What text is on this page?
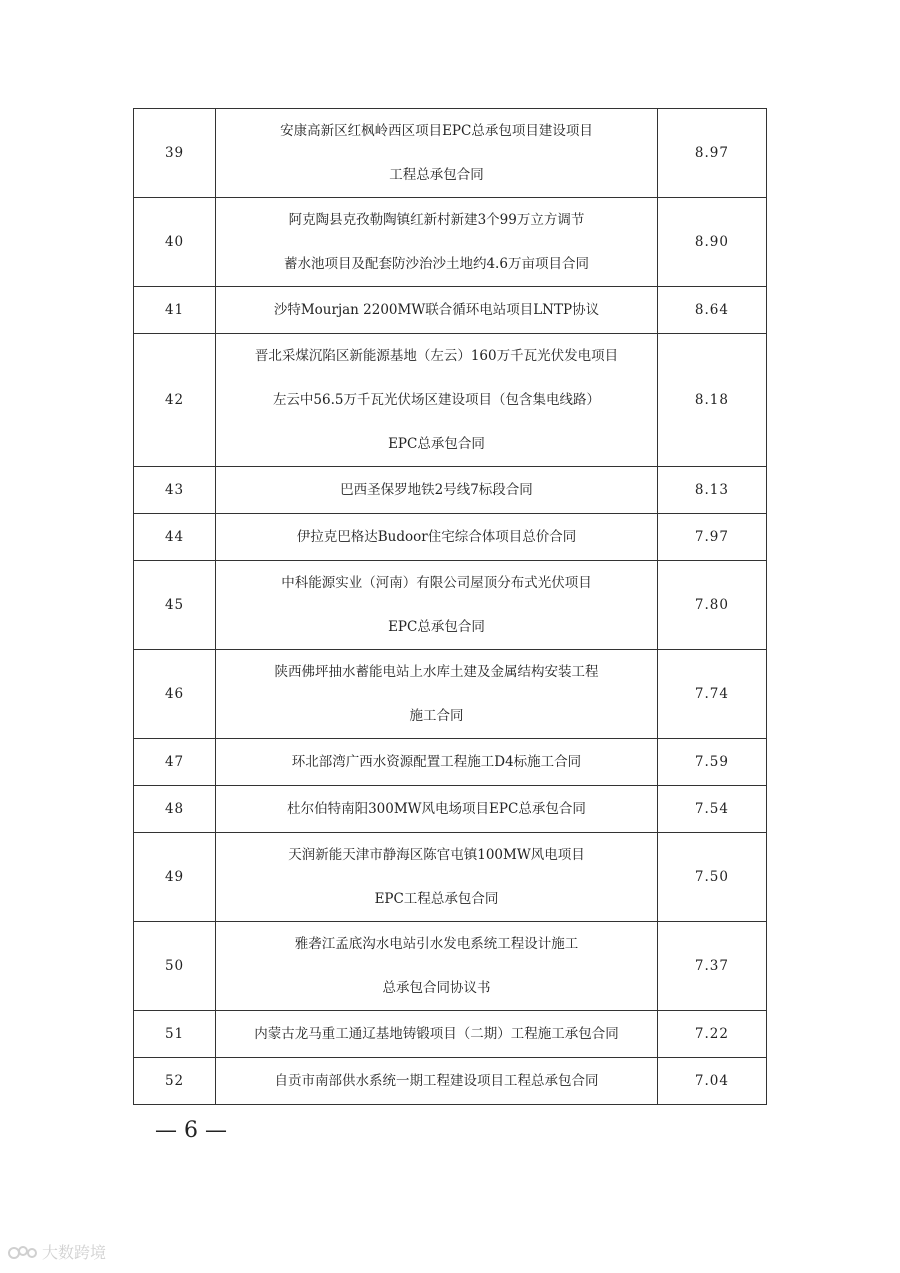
39	安康高新区红枫岭西区项目EPC总承包项目建设项目
工程总承包合同	8.97
40	阿克陶县克孜勒陶镇红新村新建3个99万立方调节
蓄水池项目及配套防沙治沙土地约4.6万亩项目合同	8.90
41	沙特Mourjan 2200MW联合循环电站项目LNTP协议	8.64
42	晋北采煤沉陷区新能源基地（左云）160万千瓦光伏发电项目
左云中56.5万千瓦光伏场区建设项目（包含集电线路）
EPC总承包合同	8.18
43	巴西圣保罗地铁2号线7标段合同	8.13
44	伊拉克巴格达Budoor住宅综合体项目总价合同	7.97
45	中科能源实业（河南）有限公司屋顶分布式光伏项目
EPC总承包合同	7.80
46	陕西佛坪抽水蓄能电站上水库土建及金属结构安装工程
施工合同	7.74
47	环北部湾广西水资源配置工程施工D4标施工合同	7.59
48	杜尔伯特南阳300MW风电场项目EPC总承包合同	7.54
49	天润新能天津市静海区陈官屯镇100MW风电项目
EPC工程总承包合同	7.50
50	雅砻江孟底沟水电站引水发电系统工程设计施工
总承包合同协议书	7.37
51	内蒙古龙马重工通辽基地铸锻项目（二期）工程施工承包合同	7.22
52	自贡市南部供水系统一期工程建设项目工程总承包合同	7.04
— 6 —
大数跨境
